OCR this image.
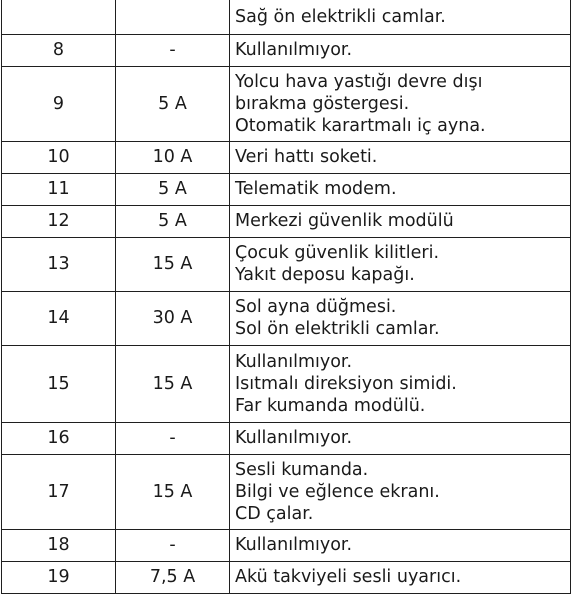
		Sağ ön elektrikli camlar.

8	-	Kullanılmıyor.

9	5 A	Yolcu hava yastığı devre dışı
bırakma göstergesi.
Otomatik karartmalı iç ayna.

10	10 A	Veri hattı soketi.

11	5 A	Telematik modem.

12	5 A	Merkezi güvenlik modülü

13	15 A	Çocuk güvenlik kilitleri.
Yakıt deposu kapağı.

14	30 A	Sol ayna düğmesi.
Sol ön elektrikli camlar.

15	15 A	Kullanılmıyor.
Isıtmalı direksiyon simidi.
Far kumanda modülü.

16	-	Kullanılmıyor.

17	15 A	Sesli kumanda.
Bilgi ve eğlence ekranı.
CD çalar.

18	-	Kullanılmıyor.

19	7,5 A	Akü takviyeli sesli uyarıcı.
